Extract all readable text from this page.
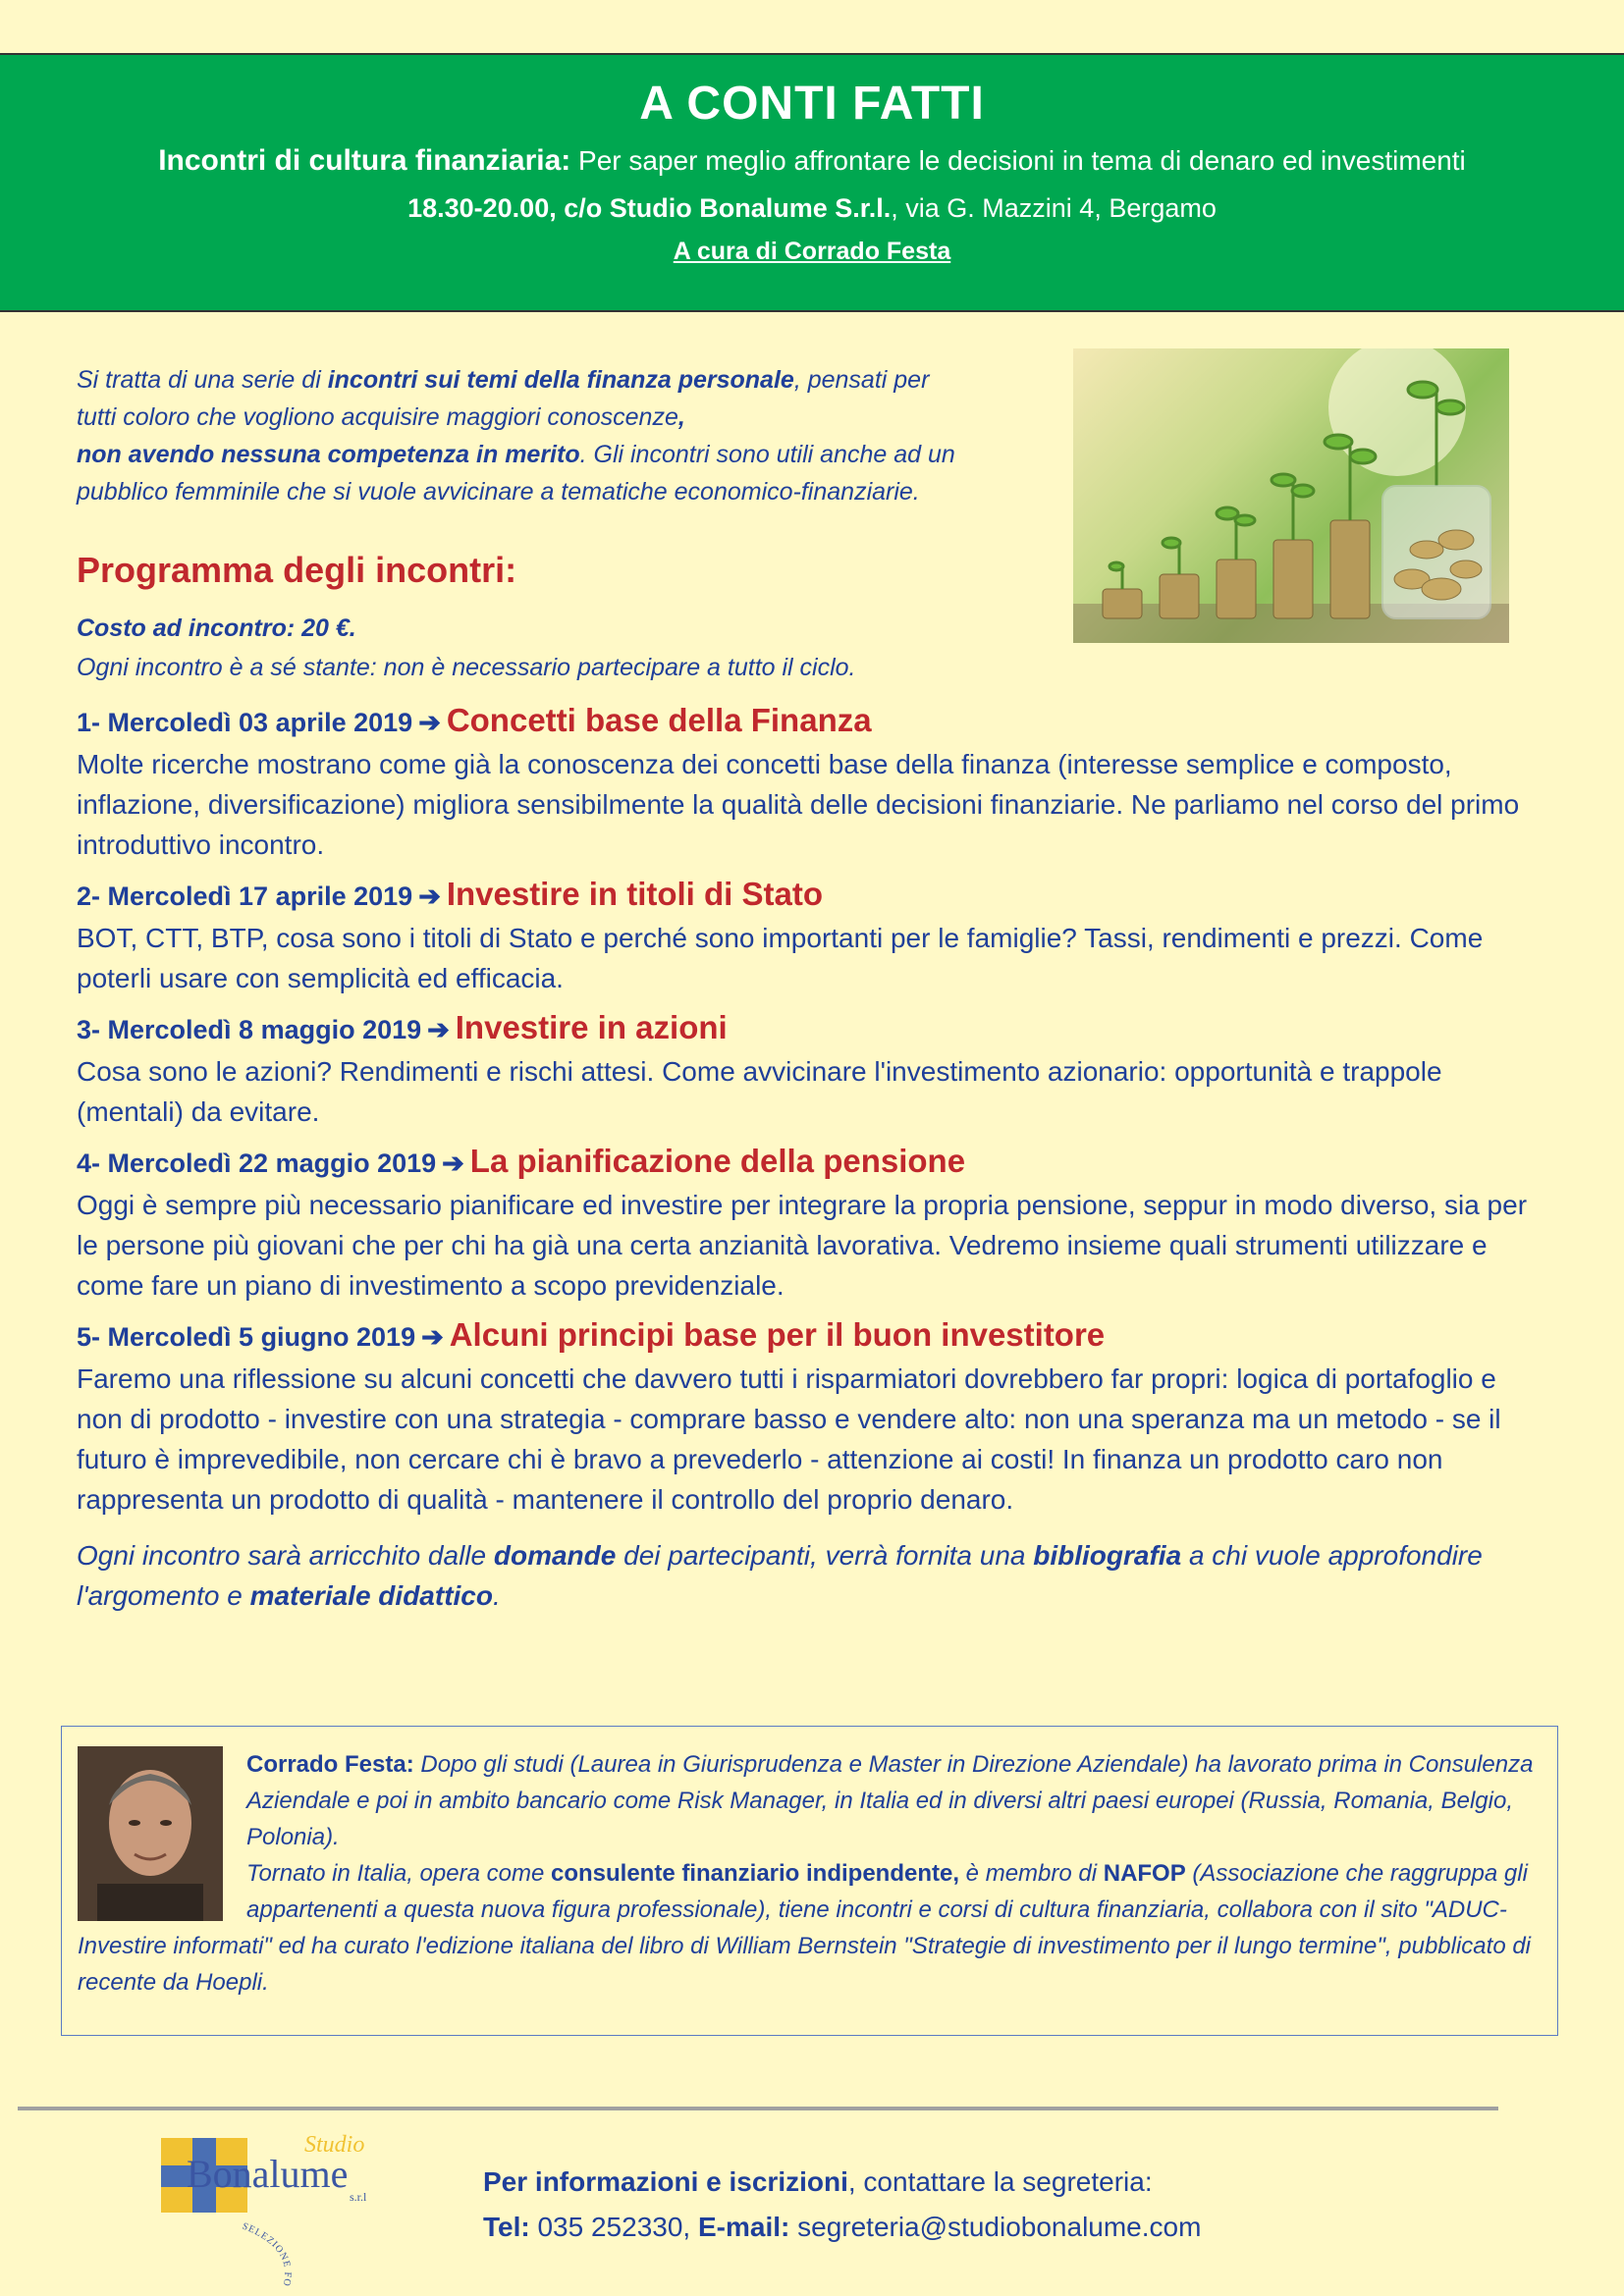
A CONTI FATTI
Incontri di cultura finanziaria: Per saper meglio affrontare le decisioni in tema di denaro ed investimenti
18.30-20.00, c/o Studio Bonalume S.r.l., via G. Mazzini 4, Bergamo
A cura di Corrado Festa
Si tratta di una serie di incontri sui temi della finanza personale, pensati per
tutti coloro che vogliono acquisire maggiori conoscenze,
non avendo nessuna competenza in merito. Gli incontri sono utili anche ad un
pubblico femminile che si vuole avvicinare a tematiche economico-finanziarie.
Programma degli incontri:
Costo ad incontro: 20 €.
Ogni incontro è a sé stante: non è necessario partecipare a tutto il ciclo.
1- Mercoledì 03 aprile 2019 ➔ Concetti base della Finanza
Molte ricerche mostrano come già la conoscenza dei concetti base della finanza (interesse semplice e composto, inflazione, diversificazione) migliora sensibilmente la qualità delle decisioni finanziarie. Ne parliamo nel corso del primo introduttivo incontro.
2- Mercoledì 17 aprile 2019 ➔ Investire in titoli di Stato
BOT, CTT, BTP, cosa sono i titoli di Stato e perché sono importanti per le famiglie? Tassi, rendimenti e prezzi. Come poterli usare con semplicità ed efficacia.
3- Mercoledì 8 maggio 2019 ➔ Investire in azioni
Cosa sono le azioni? Rendimenti e rischi attesi. Come avvicinare l'investimento azionario: opportunità e trappole (mentali) da evitare.
4- Mercoledì 22 maggio 2019 ➔ La pianificazione della pensione
Oggi è sempre più necessario pianificare ed investire per integrare la propria pensione, seppur in modo diverso, sia per le persone più giovani che per chi ha già una certa anzianità lavorativa. Vedremo insieme quali strumenti utilizzare e come fare un piano di investimento a scopo previdenziale.
5- Mercoledì 5 giugno 2019 ➔ Alcuni principi base per il buon investitore
Faremo una riflessione su alcuni concetti che davvero tutti i risparmiatori dovrebbero far propri: logica di portafoglio e non di prodotto - investire con una strategia - comprare basso e vendere alto: non una speranza ma un metodo - se il futuro è imprevedibile, non cercare chi è bravo a prevederlo - attenzione ai costi! In finanza un prodotto caro non rappresenta un prodotto di qualità - mantenere il controllo del proprio denaro.
Ogni incontro sarà arricchito dalle domande dei partecipanti, verrà fornita una bibliografia a chi vuole approfondire l'argomento e materiale didattico.
Corrado Festa: Dopo gli studi (Laurea in Giurisprudenza e Master in Direzione Aziendale) ha lavorato prima in Consulenza Aziendale e poi in ambito bancario come Risk Manager, in Italia ed in diversi altri paesi europei (Russia, Romania, Belgio, Polonia).
Tornato in Italia, opera come consulente finanziario indipendente, è membro di NAFOP (Associazione che raggruppa gli appartenenti a questa nuova figura professionale), tiene incontri e corsi di cultura finanziaria, collabora con il sito "ADUC-Investire informati" ed ha curato l'edizione italiana del libro di William Bernstein "Strategie di investimento per il lungo termine", pubblicato di recente da Hoepli.
Studio
Bonalume
s.r.l
SELEZIONE FO
Per informazioni e iscrizioni, contattare la segreteria:
Tel: 035 252330, E-mail: segreteria@studiobonalume.com
